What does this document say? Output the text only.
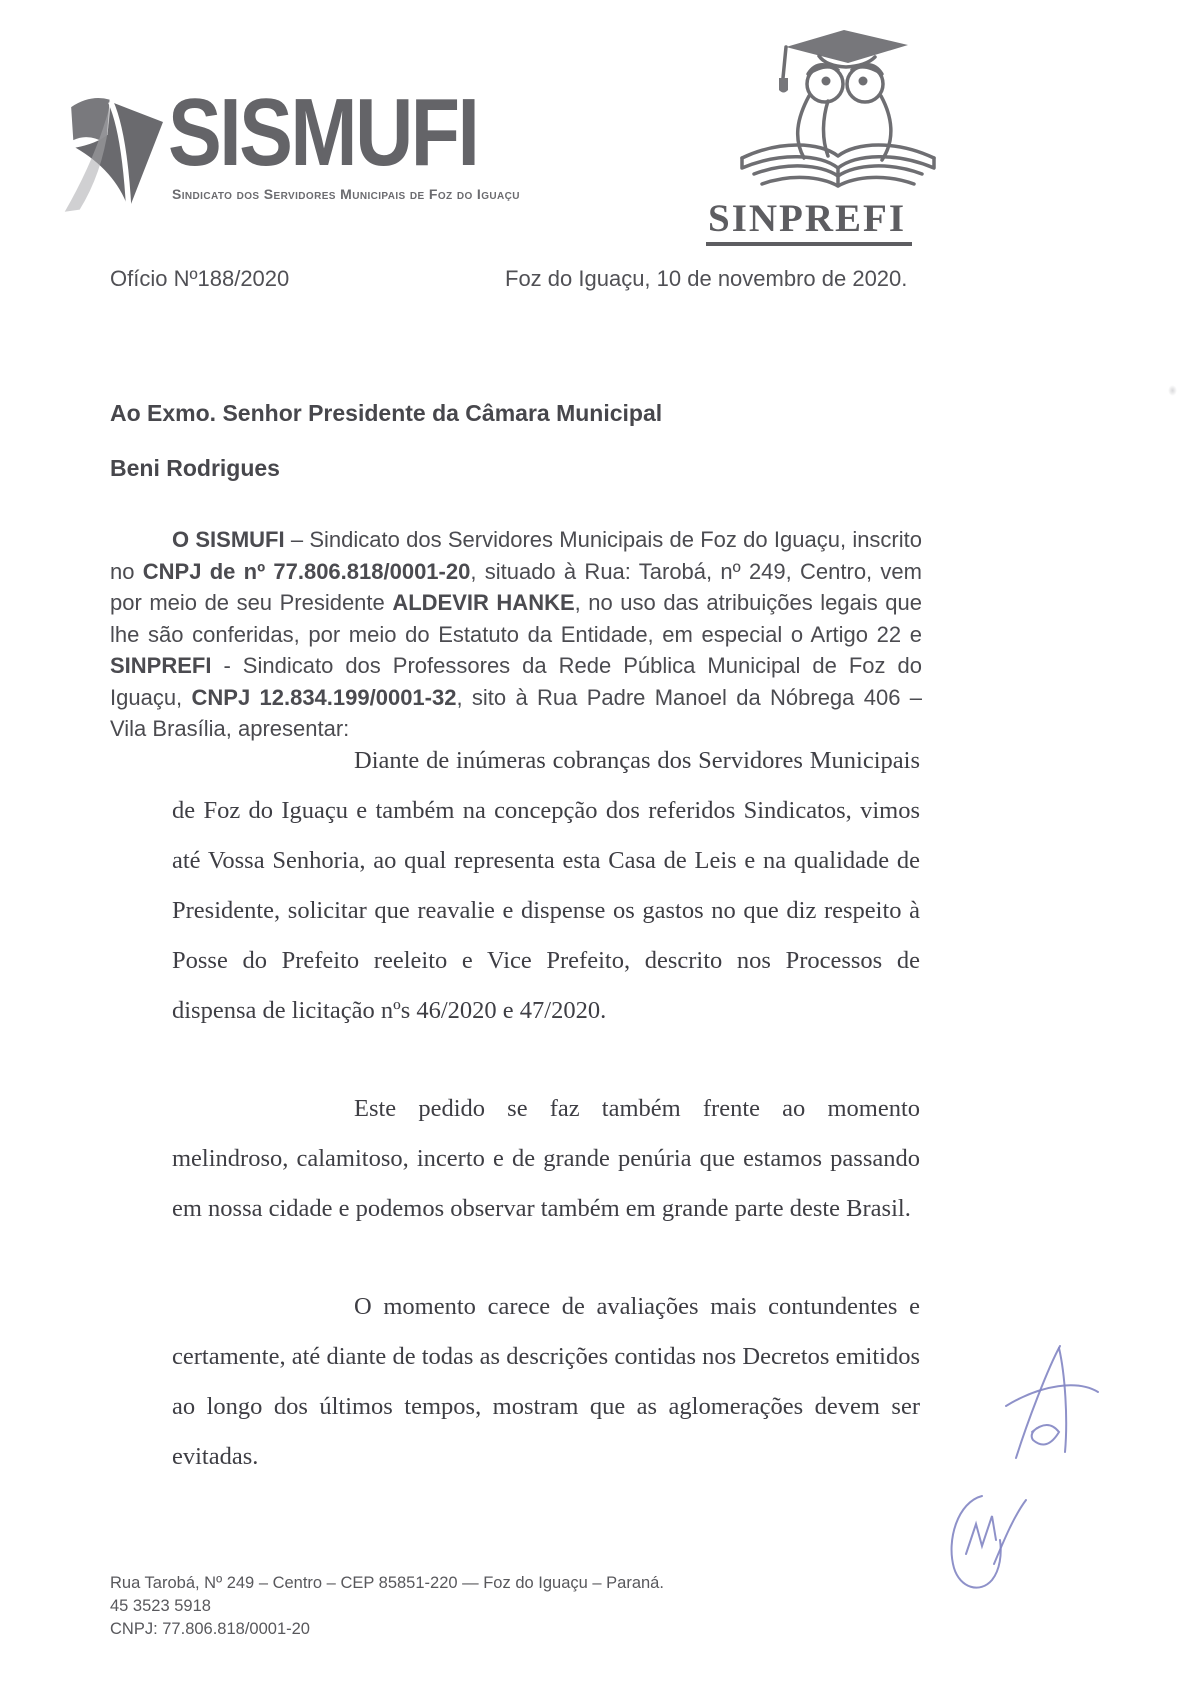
SISMUFI
Sindicato dos Servidores Municipais de Foz do Iguaçu
SINPREFI
Ofício Nº188/2020	Foz do Iguaçu, 10 de novembro de 2020.
Ao Exmo. Senhor Presidente da Câmara Municipal
Beni Rodrigues

O SISMUFI – Sindicato dos Servidores Municipais de Foz do Iguaçu, inscrito no CNPJ de nº 77.806.818/0001-20, situado à Rua: Tarobá, nº 249, Centro, vem por meio de seu Presidente ALDEVIR HANKE, no uso das atribuições legais que lhe são conferidas, por meio do Estatuto da Entidade, em especial o Artigo 22 e SINPREFI - Sindicato dos Professores da Rede Pública Municipal de Foz do Iguaçu, CNPJ 12.834.199/0001-32, sito à Rua Padre Manoel da Nóbrega 406 – Vila Brasília, apresentar:

Diante de inúmeras cobranças dos Servidores Municipais de Foz do Iguaçu e também na concepção dos referidos Sindicatos, vimos até Vossa Senhoria, ao qual representa esta Casa de Leis e na qualidade de Presidente, solicitar que reavalie e dispense os gastos no que diz respeito à Posse do Prefeito reeleito e Vice Prefeito, descrito nos Processos de dispensa de licitação nºs 46/2020 e 47/2020.

Este pedido se faz também frente ao momento melindroso, calamitoso, incerto e de grande penúria que estamos passando em nossa cidade e podemos observar também em grande parte deste Brasil.

O momento carece de avaliações mais contundentes e certamente, até diante de todas as descrições contidas nos Decretos emitidos ao longo dos últimos tempos, mostram que as aglomerações devem ser evitadas.

Rua Tarobá, Nº 249 – Centro – CEP 85851-220 — Foz do Iguaçu – Paraná.
45 3523 5918
CNPJ: 77.806.818/0001-20
